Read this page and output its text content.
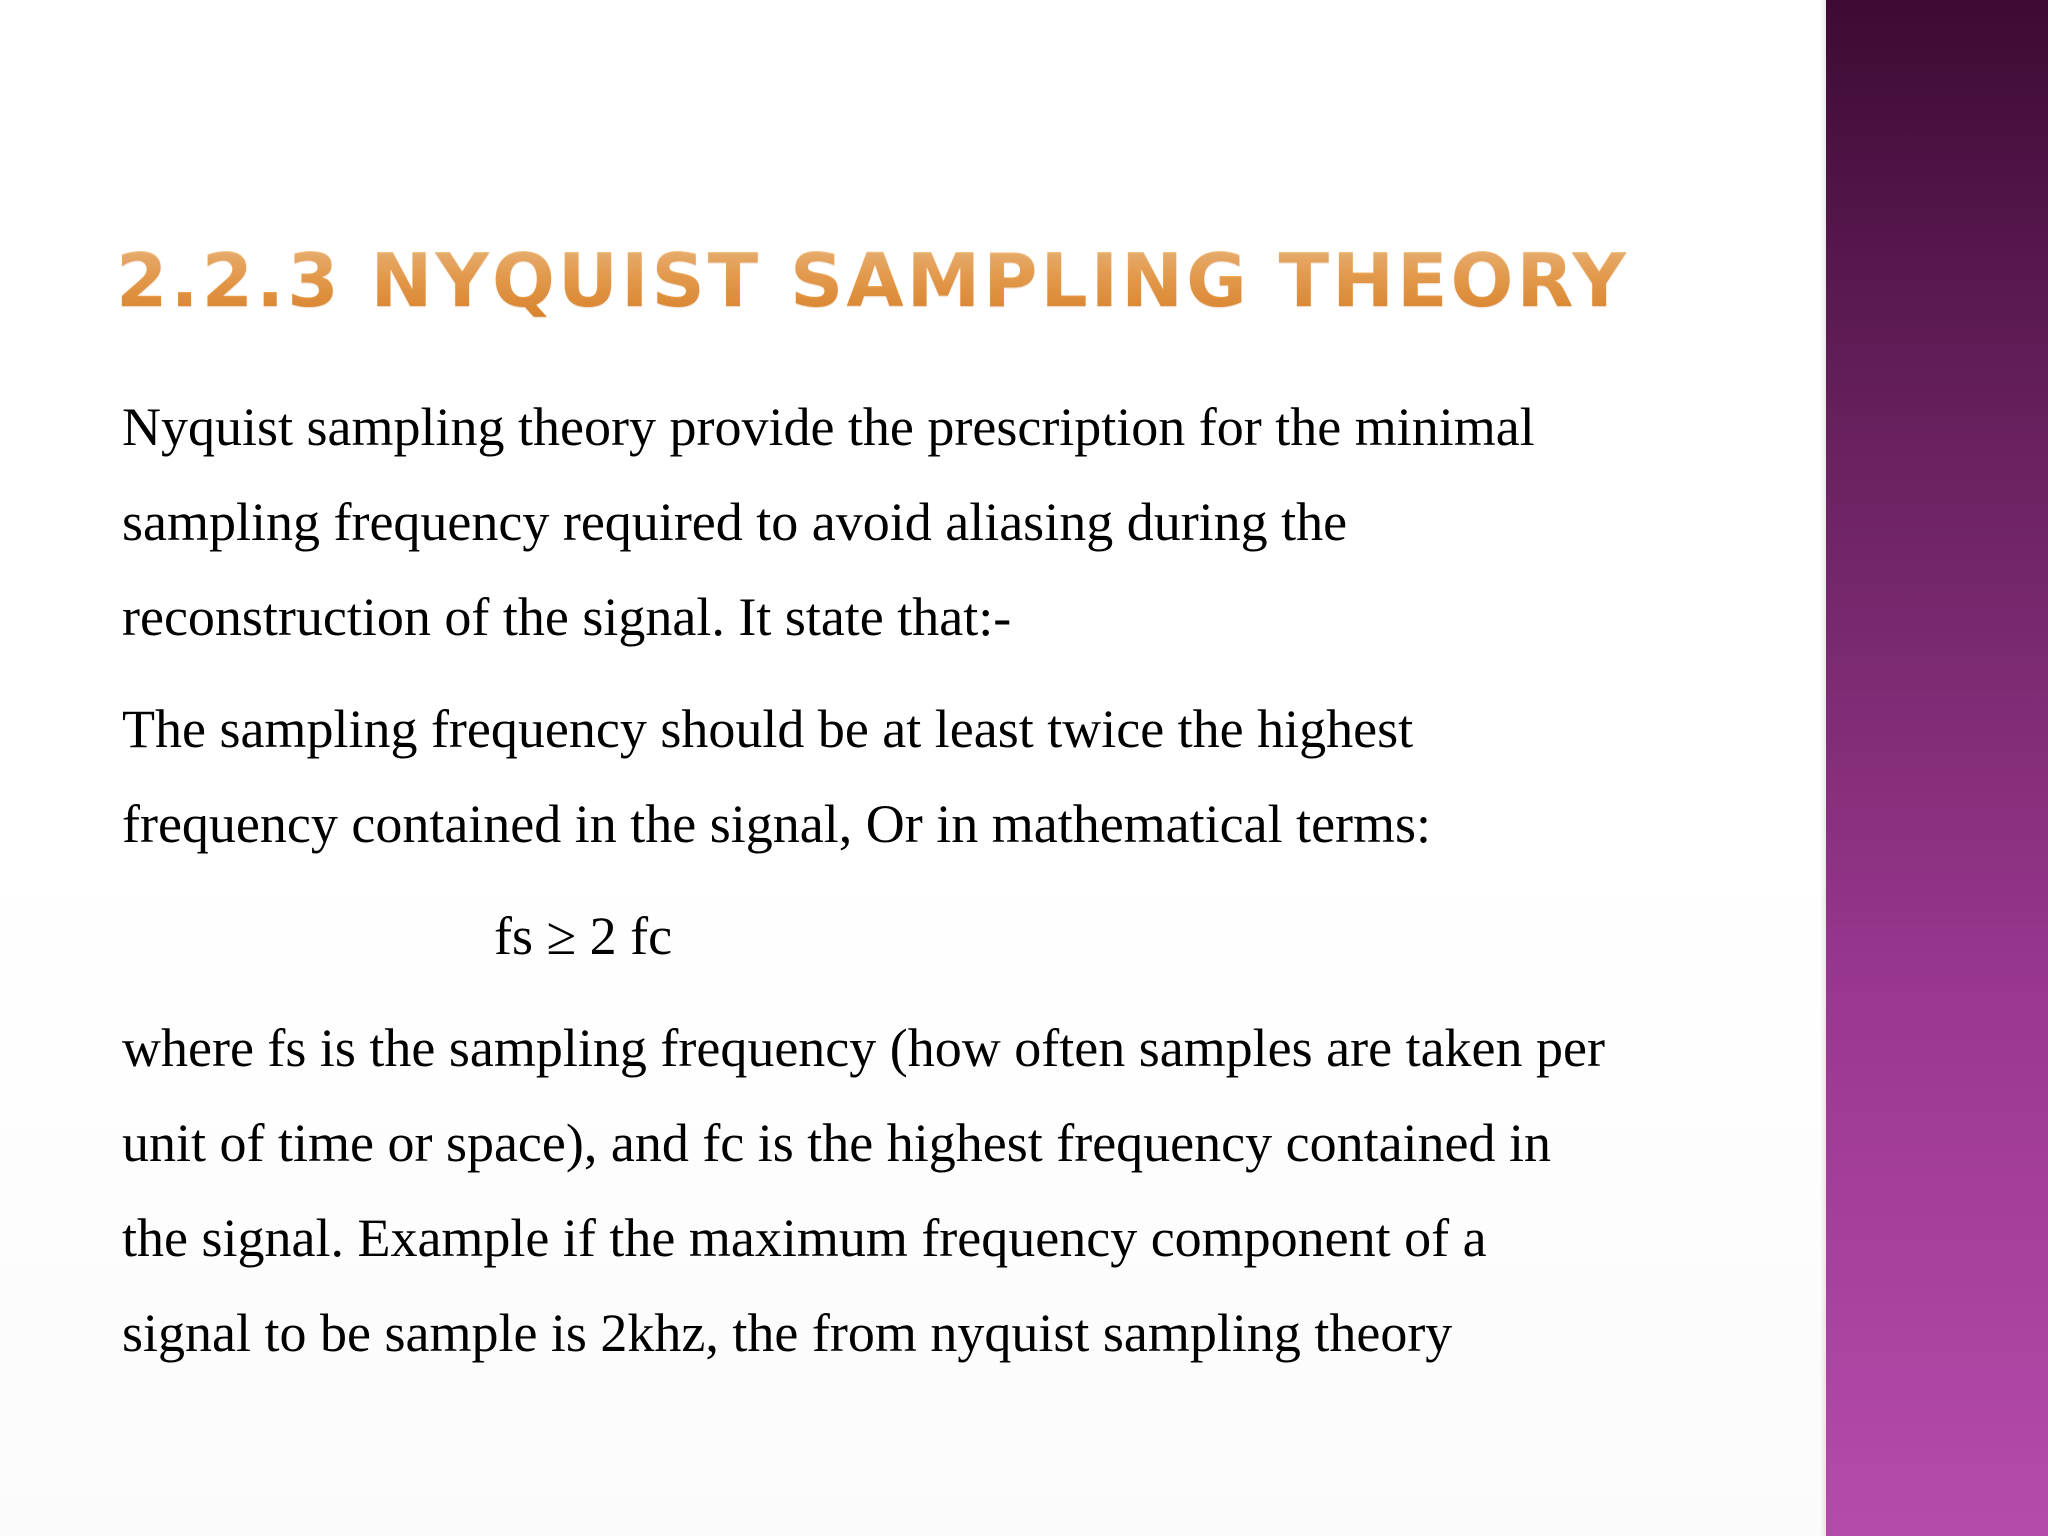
2.2.3 NYQUIST SAMPLING THEORY

Nyquist sampling theory provide the prescription for the minimal
sampling frequency required to avoid aliasing during the
reconstruction of the signal. It state that:-

The sampling frequency should be at least twice the highest
frequency contained in the signal, Or in mathematical terms:

fs ≥ 2 fc

where fs is the sampling frequency (how often samples are taken per
unit of time or space), and fc is the highest frequency contained in
the signal. Example if the maximum frequency component of a
signal to be sample is 2khz, the from nyquist sampling theory
